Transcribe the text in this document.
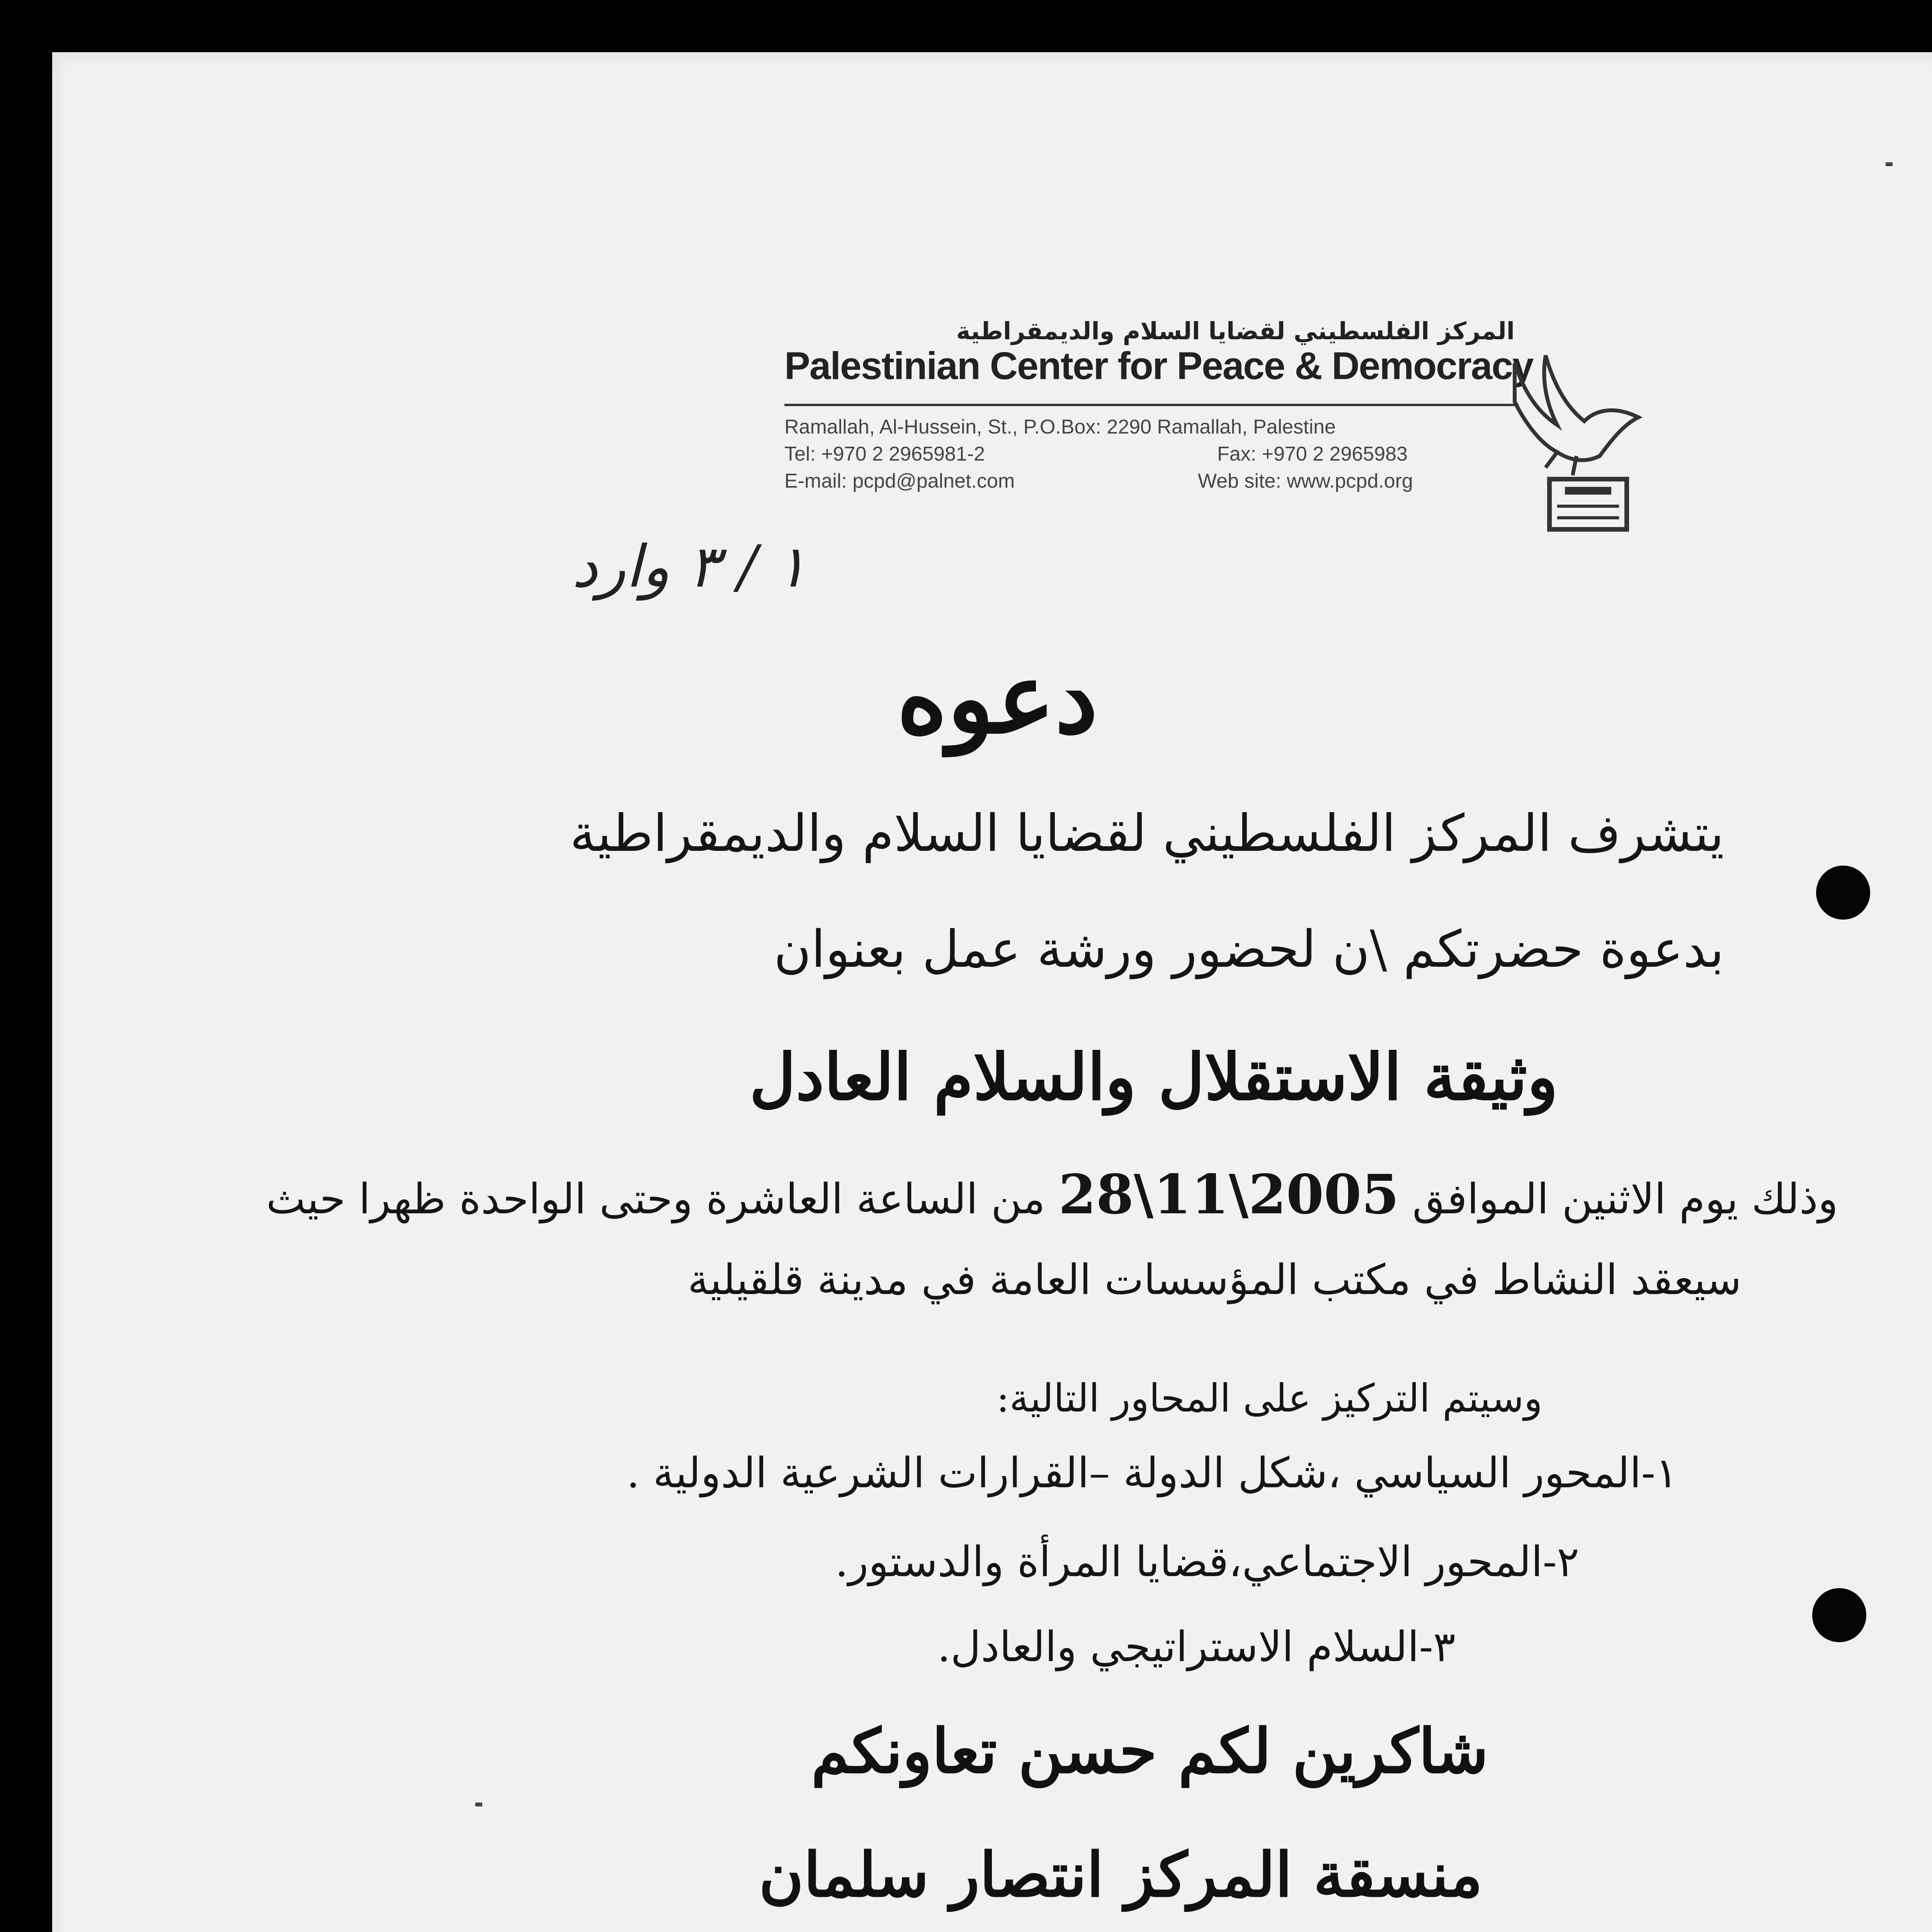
المركز الفلسطيني لقضايا السلام والديمقراطية
Palestinian Center for Peace & Democracy
Ramallah, Al-Hussein, St., P.O.Box: 2290 Ramallah, Palestine
Tel: +970 2 2965981-2	Fax: +970 2 2965983
E-mail: pcpd@palnet.com	Web site: www.pcpd.org
١ / ٣ وارد
دعوه
يتشرف المركز الفلسطيني لقضايا السلام والديمقراطية
بدعوة حضرتكم \ن لحضور ورشة عمل بعنوان
وثيقة الاستقلال والسلام العادل
وذلك يوم الاثنين الموافق 28\11\2005 من الساعة العاشرة وحتى الواحدة ظهرا حيث
سيعقد النشاط في مكتب المؤسسات العامة في مدينة قلقيلية
وسيتم التركيز على المحاور التالية:
١-المحور السياسي ،شكل الدولة –القرارات الشرعية الدولية .
٢-المحور الاجتماعي،قضايا المرأة والدستور.
٣-السلام الاستراتيجي والعادل.
شاكرين لكم حسن تعاونكم
منسقة المركز انتصار سلمان
